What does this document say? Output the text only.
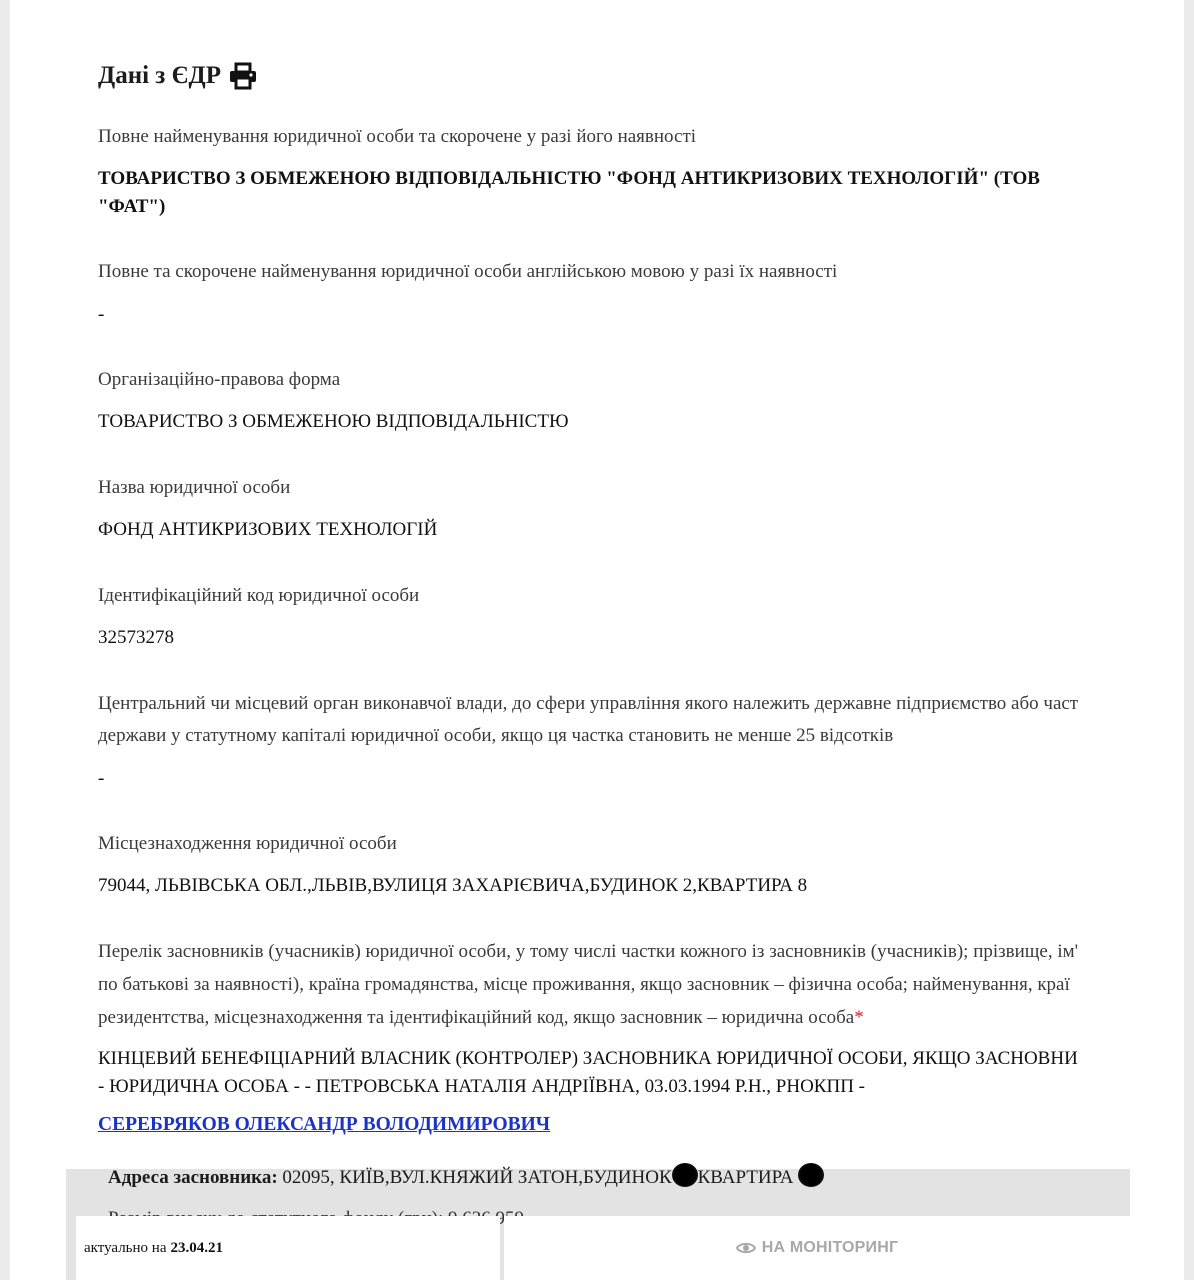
Дані з ЄДР
Повне найменування юридичної особи та скорочене у разі його наявності
ТОВАРИСТВО З ОБМЕЖЕНОЮ ВІДПОВІДАЛЬНІСТЮ "ФОНД АНТИКРИЗОВИХ ТЕХНОЛОГІЙ" (ТОВ
"ФАТ")
Повне та скорочене найменування юридичної особи англійською мовою у разі їх наявності
-
Організаційно-правова форма
ТОВАРИСТВО З ОБМЕЖЕНОЮ ВІДПОВІДАЛЬНІСТЮ
Назва юридичної особи
ФОНД АНТИКРИЗОВИХ ТЕХНОЛОГІЙ
Ідентифікаційний код юридичної особи
32573278
Центральний чи місцевий орган виконавчої влади, до сфери управління якого належить державне підприємство або част
держави у статутному капіталі юридичної особи, якщо ця частка становить не менше 25 відсотків
-
Місцезнаходження юридичної особи
79044, ЛЬВІВСЬКА ОБЛ.,ЛЬВІВ,ВУЛИЦЯ ЗАХАРІЄВИЧА,БУДИНОК 2,КВАРТИРА 8
Перелік засновників (учасників) юридичної особи, у тому числі частки кожного із засновників (учасників); прізвище, ім'
по батькові за наявності), країна громадянства, місце проживання, якщо засновник – фізична особа; найменування, краї
резидентства, місцезнаходження та ідентифікаційний код, якщо засновник – юридична особа*
КІНЦЕВИЙ БЕНЕФІЦІАРНИЙ ВЛАСНИК (КОНТРОЛЕР) ЗАСНОВНИКА ЮРИДИЧНОЇ ОСОБИ, ЯКЩО ЗАСНОВНИ
- ЮРИДИЧНА ОСОБА - - ПЕТРОВСЬКА НАТАЛІЯ АНДРІЇВНА, 03.03.1994 Р.Н., РНОКПП -
СЕРЕБРЯКОВ ОЛЕКСАНДР ВОЛОДИМИРОВИЧ
Адреса засновника: 02095, КИЇВ,ВУЛ.КНЯЖИЙ ЗАТОН,БУДИНОК КВАРТИРА
актуально на 23.04.21	НА МОНІТОРИНГ
